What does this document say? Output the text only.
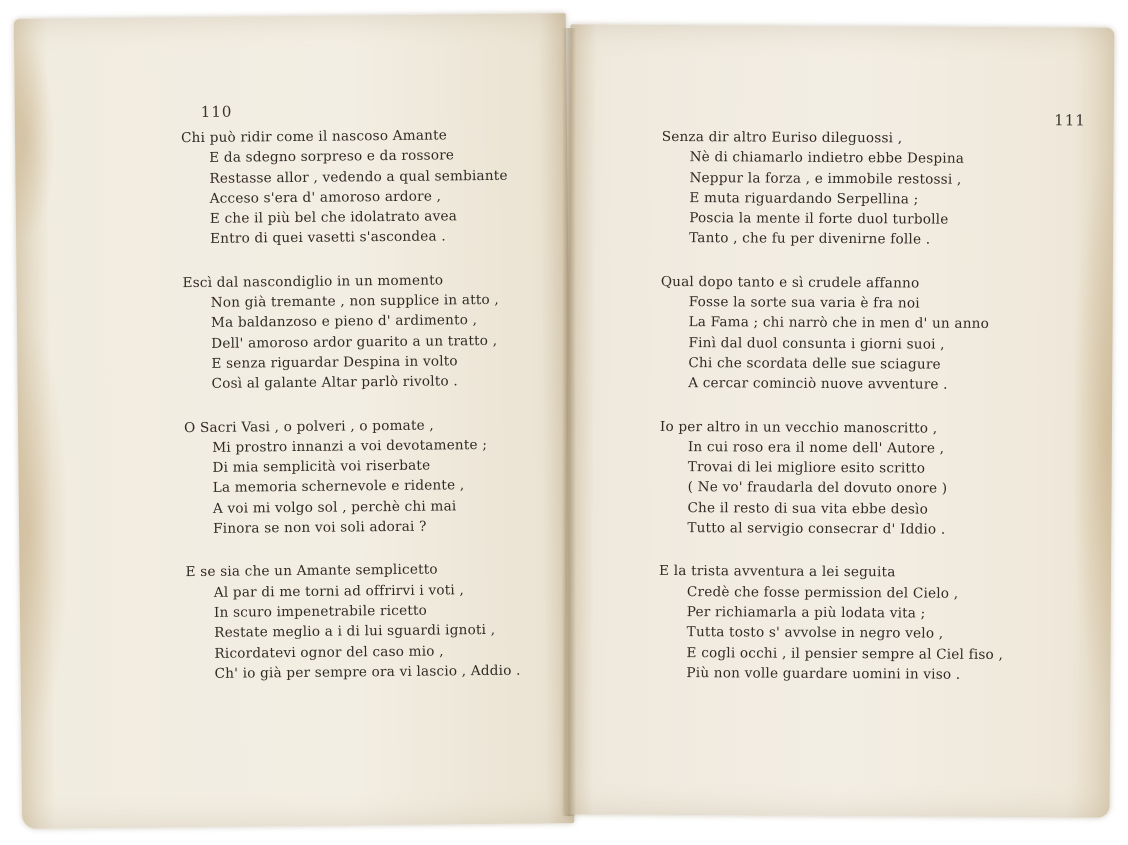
110
Chi può ridir come il nascoso Amante
E da sdegno sorpreso e da rossore
Restasse allor , vedendo a qual sembiante
Acceso s'era d' amoroso ardore ,
E che il più bel che idolatrato avea
Entro di quei vasetti s'ascondea .
Escì dal nascondiglio in un momento
Non già tremante , non supplice in atto ,
Ma baldanzoso e pieno d' ardimento ,
Dell' amoroso ardor guarito a un tratto ,
E senza riguardar Despina in volto
Così al galante Altar parlò rivolto .
O Sacri Vasi , o polveri , o pomate ,
Mi prostro innanzi a voi devotamente ;
Di mia semplicità voi riserbate
La memoria schernevole e ridente ,
A voi mi volgo sol , perchè chi mai
Finora se non voi soli adorai ?
E se sia che un Amante semplicetto
Al par di me torni ad offrirvi i voti ,
In scuro impenetrabile ricetto
Restate meglio a i di lui sguardi ignoti ,
Ricordatevi ognor del caso mio ,
Ch' io già per sempre ora vi lascio , Addio .
111
Senza dir altro Euriso dileguossi ,
Nè di chiamarlo indietro ebbe Despina
Neppur la forza , e immobile restossi ,
E muta riguardando Serpellina ;
Poscia la mente il forte duol turbolle
Tanto , che fu per divenirne folle .
Qual dopo tanto e sì crudele affanno
Fosse la sorte sua varia è fra noi
La Fama ; chi narrò che in men d' un anno
Finì dal duol consunta i giorni suoi ,
Chi che scordata delle sue sciagure
A cercar cominciò nuove avventure .
Io per altro in un vecchio manoscritto ,
In cui roso era il nome dell' Autore ,
Trovai di lei migliore esito scritto
( Ne vo' fraudarla del dovuto onore )
Che il resto di sua vita ebbe desìo
Tutto al servigio consecrar d' Iddio .
E la trista avventura a lei seguita
Credè che fosse permission del Cielo ,
Per richiamarla a più lodata vita ;
Tutta tosto s' avvolse in negro velo ,
E cogli occhi , il pensier sempre al Ciel fiso ,
Più non volle guardare uomini in viso .
